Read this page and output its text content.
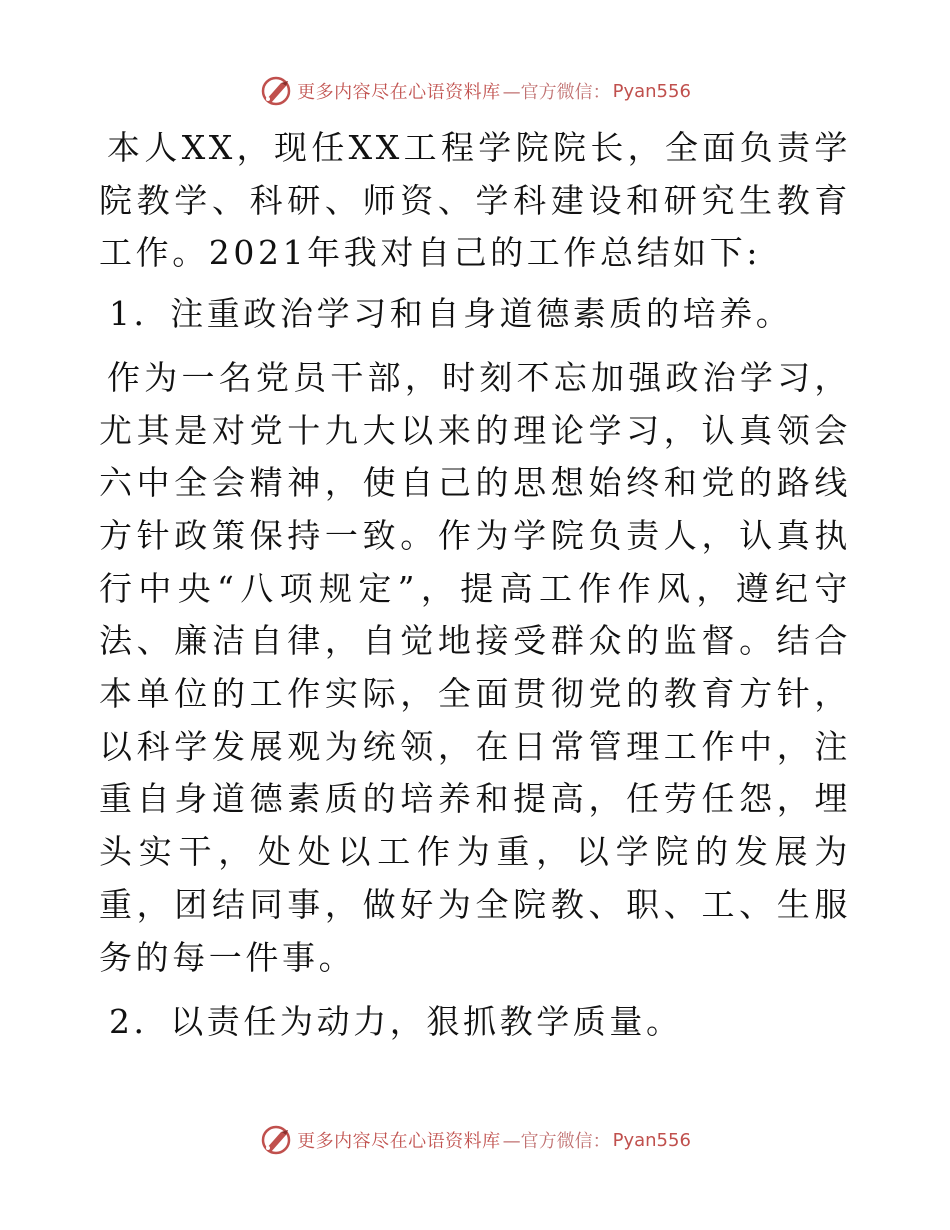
更多内容尽在心语资料库 —官方微信： Pyan556

本人XX，现任XX工程学院院长，全面负责学院教学、科研、师资、学科建设和研究生教育工作。2021年我对自己的工作总结如下:

1．注重政治学习和自身道德素质的培养。

作为一名党员干部，时刻不忘加强政治学习，尤其是对党十九大以来的理论学习，认真领会六中全会精神，使自己的思想始终和党的路线方针政策保持一致。作为学院负责人，认真执行中央“八项规定”，提高工作作风，遵纪守法、廉洁自律，自觉地接受群众的监督。结合本单位的工作实际，全面贯彻党的教育方针，以科学发展观为统领，在日常管理工作中，注重自身道德素质的培养和提高，任劳任怨，埋头实干，处处以工作为重，以学院的发展为重，团结同事，做好为全院教、职、工、生服务的每一件事。

2．以责任为动力，狠抓教学质量。

更多内容尽在心语资料库 —官方微信： Pyan556
